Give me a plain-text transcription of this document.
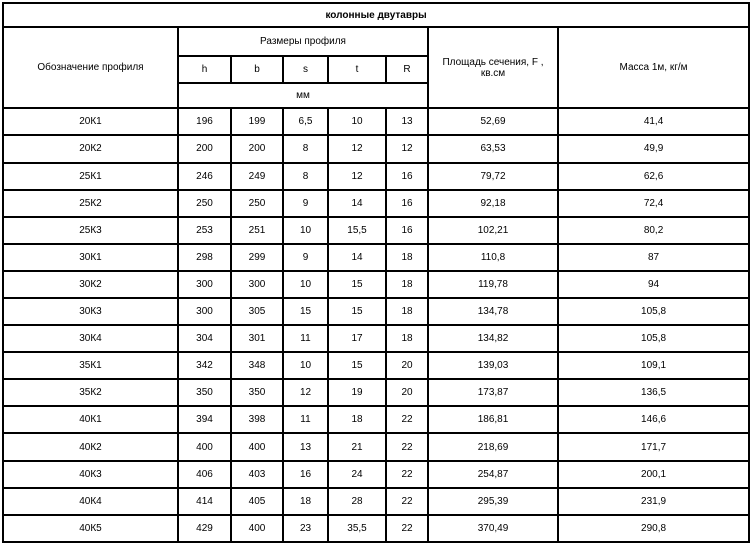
колонные двутавры							
Обозначение профиля	Размеры профиля					Площадь сечения, F , кв.см	Масса 1м, кг/м
	h	b	s	t	R		
	мм						
20К1	196	199	6,5	10	13	52,69	41,4
20К2	200	200	8	12	12	63,53	49,9
25К1	246	249	8	12	16	79,72	62,6
25К2	250	250	9	14	16	92,18	72,4
25К3	253	251	10	15,5	16	102,21	80,2
30К1	298	299	9	14	18	110,8	87
30К2	300	300	10	15	18	119,78	94
30К3	300	305	15	15	18	134,78	105,8
30К4	304	301	11	17	18	134,82	105,8
35К1	342	348	10	15	20	139,03	109,1
35К2	350	350	12	19	20	173,87	136,5
40К1	394	398	11	18	22	186,81	146,6
40К2	400	400	13	21	22	218,69	171,7
40К3	406	403	16	24	22	254,87	200,1
40К4	414	405	18	28	22	295,39	231,9
40К5	429	400	23	35,5	22	370,49	290,8
